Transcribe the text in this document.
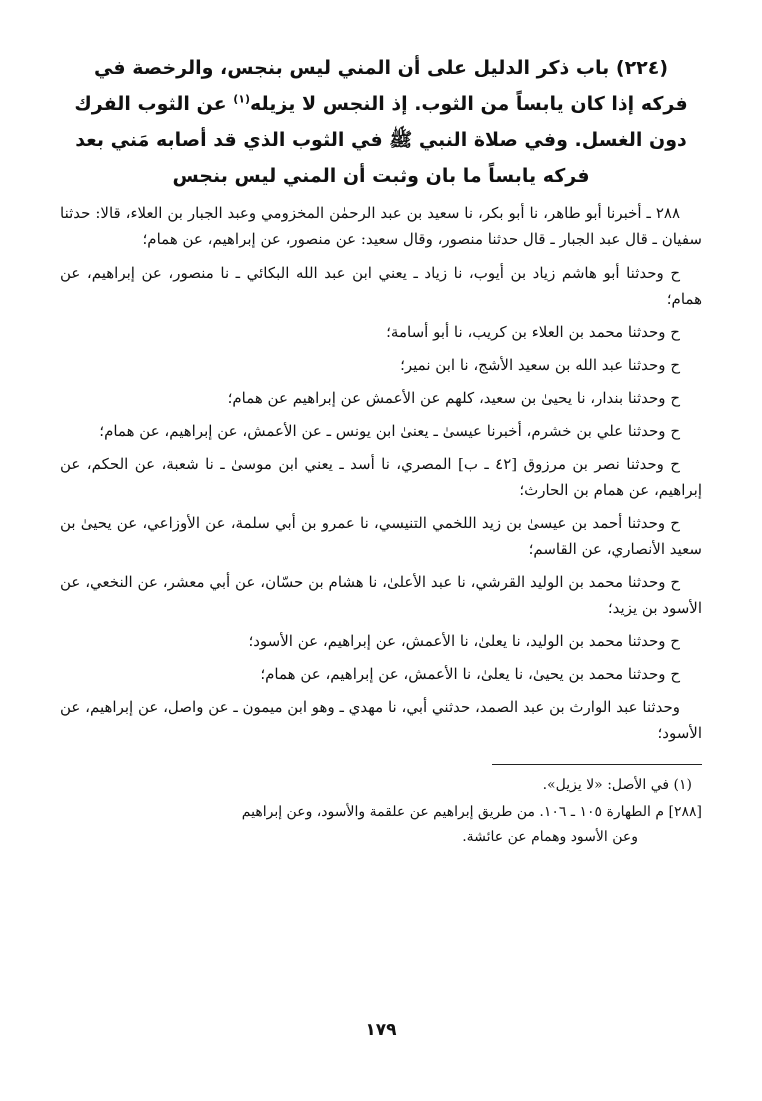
(٢٢٤) باب ذكر الدليل على أن المني ليس بنجس، والرخصة في فركه إذا كان يابساً من الثوب. إذ النجس لا يزيله$^{(١)}$ عن الثوب الفرك دون الغسل. وفي صلاة النبي ﷺ في الثوب الذي قد أصابه مَني بعد فركه يابساً ما بان وثبت أن المني ليس بنجس

٢٨٨ ـ أخبرنا أبو طاهر، نا أبو بكر، نا سعيد بن عبد الرحمٰن المخزومي وعبد الجبار بن العلاء، قالا: حدثنا سفيان ـ قال عبد الجبار ـ قال حدثنا منصور، وقال سعيد: عن منصور، عن إبراهيم، عن همام؛

ح وحدثنا أبو هاشم زياد بن أيوب، نا زياد ـ يعني ابن عبد الله البكائي ـ نا منصور، عن إبراهيم، عن همام؛

ح وحدثنا محمد بن العلاء بن كريب، نا أبو أسامة؛

ح وحدثنا عبد الله بن سعيد الأشج، نا ابن نمير؛

ح وحدثنا بندار، نا يحيىٰ بن سعيد، كلهم عن الأعمش عن إبراهيم عن همام؛

ح وحدثنا علي بن خشرم، أخبرنا عيسىٰ ـ يعنىٰ ابن يونس ـ عن الأعمش، عن إبراهيم، عن همام؛

ح وحدثنا نصر بن مرزوق [٤٢ ـ ب] المصري، نا أسد ـ يعني ابن موسىٰ ـ نا شعبة، عن الحكم، عن إبراهيم، عن همام بن الحارث؛

ح وحدثنا أحمد بن عيسىٰ بن زيد اللخمي التنيسي، نا عمرو بن أبي سلمة، عن الأوزاعي، عن يحيىٰ بن سعيد الأنصاري، عن القاسم؛

ح وحدثنا محمد بن الوليد القرشي، نا عبد الأعلىٰ، نا هشام بن حسّان، عن أبي معشر، عن النخعي، عن الأسود بن يزيد؛

ح وحدثنا محمد بن الوليد، نا يعلىٰ، نا الأعمش، عن إبراهيم، عن الأسود؛

ح وحدثنا محمد بن يحيىٰ، نا يعلىٰ، نا الأعمش، عن إبراهيم، عن همام؛

وحدثنا عبد الوارث بن عبد الصمد، حدثني أبي، نا مهدي ـ وهو ابن ميمون ـ عن واصل، عن إبراهيم، عن الأسود؛

(١) في الأصل: «لا يزيل».

[٢٨٨] م الطهارة ١٠٥ ـ ١٠٦. من طريق إبراهيم عن علقمة والأسود، وعن إبراهيم
وعن الأسود وهمام عن عائشة.

١٧٩
